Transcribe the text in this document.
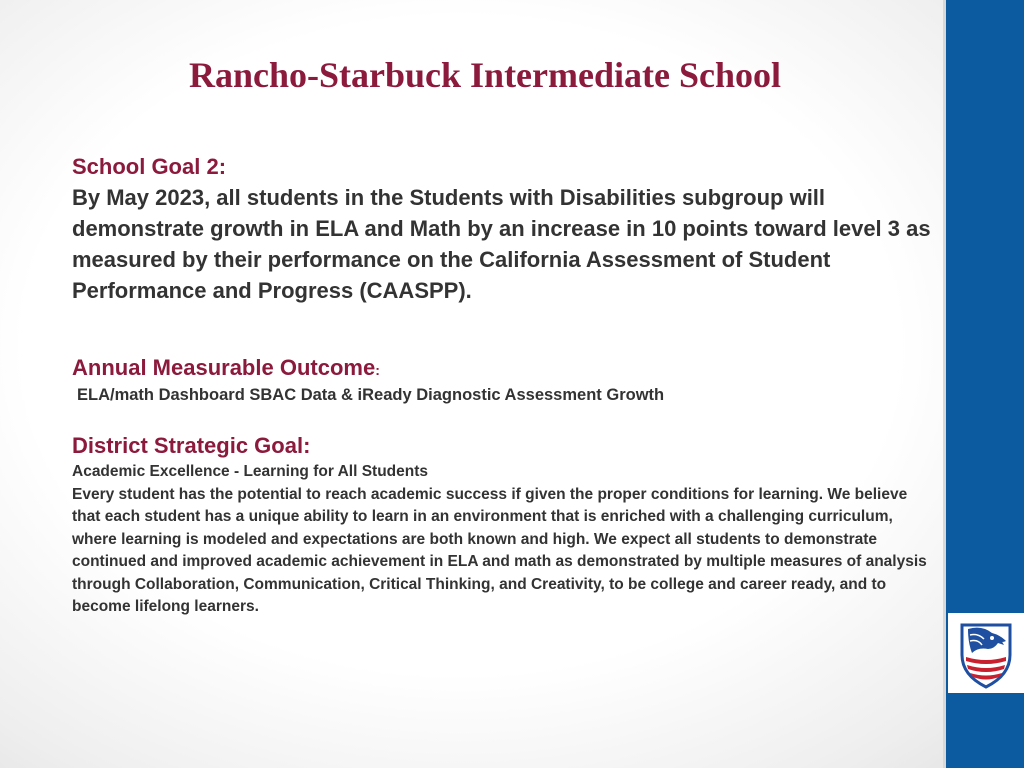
Rancho-Starbuck Intermediate School
School Goal 2:
By May 2023, all students in the Students with Disabilities subgroup will demonstrate growth in ELA and Math by an increase in 10 points toward level 3 as measured by their performance on the California Assessment of Student Performance and Progress (CAASPP).
Annual Measurable Outcome:
ELA/math Dashboard SBAC Data & iReady Diagnostic Assessment Growth
District Strategic Goal:
Academic Excellence - Learning for All Students
Every student has the potential to reach academic success if given the proper conditions for learning. We believe that each student has a unique ability to learn in an environment that is enriched with a challenging curriculum, where learning is modeled and expectations are both known and high. We expect all students to demonstrate continued and improved academic achievement in ELA and math as demonstrated by multiple measures of analysis through Collaboration, Communication, Critical Thinking, and Creativity, to be college and career ready, and to become lifelong learners.
